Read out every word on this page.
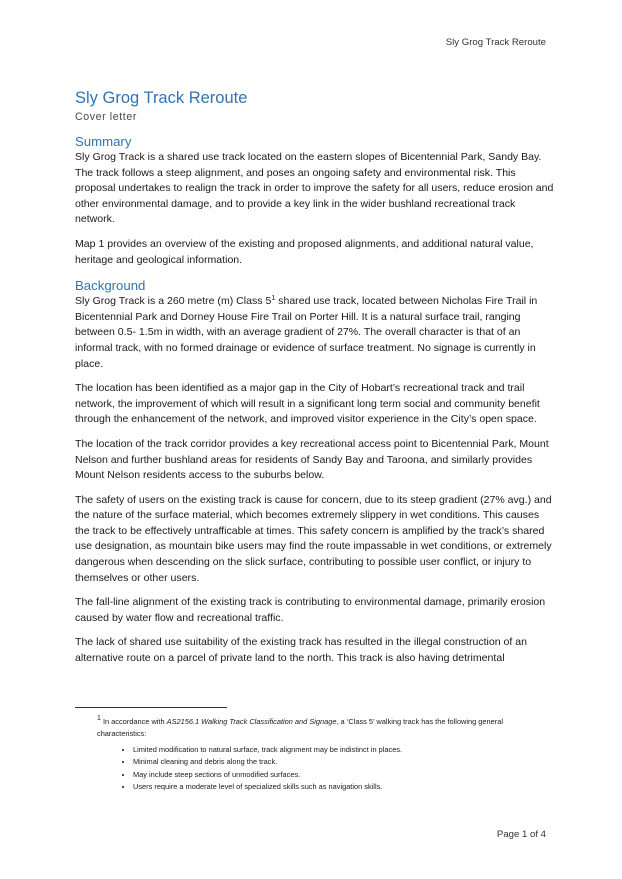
Sly Grog Track Reroute
Sly Grog Track Reroute
Cover letter
Summary

Sly Grog Track is a shared use track located on the eastern slopes of Bicentennial Park, Sandy Bay. The track follows a steep alignment, and poses an ongoing safety and environmental risk. This proposal undertakes to realign the track in order to improve the safety for all users, reduce erosion and other environmental damage, and to provide a key link in the wider bushland recreational track network.

Map 1 provides an overview of the existing and proposed alignments, and additional natural value, heritage and geological information.

Background

Sly Grog Track is a 260 metre (m) Class $5^1$ shared use track, located between Nicholas Fire Trail in Bicentennial Park and Dorney House Fire Trail on Porter Hill. It is a natural surface trail, ranging between 0.5- 1.5m in width, with an average gradient of 27%. The overall character is that of an informal track, with no formed drainage or evidence of surface treatment. No signage is currently in place.

The location has been identified as a major gap in the City of Hobart’s recreational track and trail network, the improvement of which will result in a significant long term social and community benefit through the enhancement of the network, and improved visitor experience in the City’s open space.

The location of the track corridor provides a key recreational access point to Bicentennial Park, Mount Nelson and further bushland areas for residents of Sandy Bay and Taroona, and similarly provides Mount Nelson residents access to the suburbs below.

The safety of users on the existing track is cause for concern, due to its steep gradient (27% avg.) and the nature of the surface material, which becomes extremely slippery in wet conditions. This causes the track to be effectively untrafficable at times. This safety concern is amplified by the track’s shared use designation, as mountain bike users may find the route impassable in wet conditions, or extremely dangerous when descending on the slick surface, contributing to possible user conflict, or injury to themselves or other users.

The fall-line alignment of the existing track is contributing to environmental damage, primarily erosion caused by water flow and recreational traffic.

The lack of shared use suitability of the existing track has resulted in the illegal construction of an alternative route on a parcel of private land to the north. This track is also having detrimental

$^1$ In accordance with AS2156.1 Walking Track Classification and Signage, a ‘Class 5’ walking track has the following general characteristics:
• Limited modification to natural surface, track alignment may be indistinct in places.
• Minimal cleaning and debris along the track.
• May include steep sections of unmodified surfaces.
• Users require a moderate level of specialized skills such as navigation skills.
Page 1 of 4
